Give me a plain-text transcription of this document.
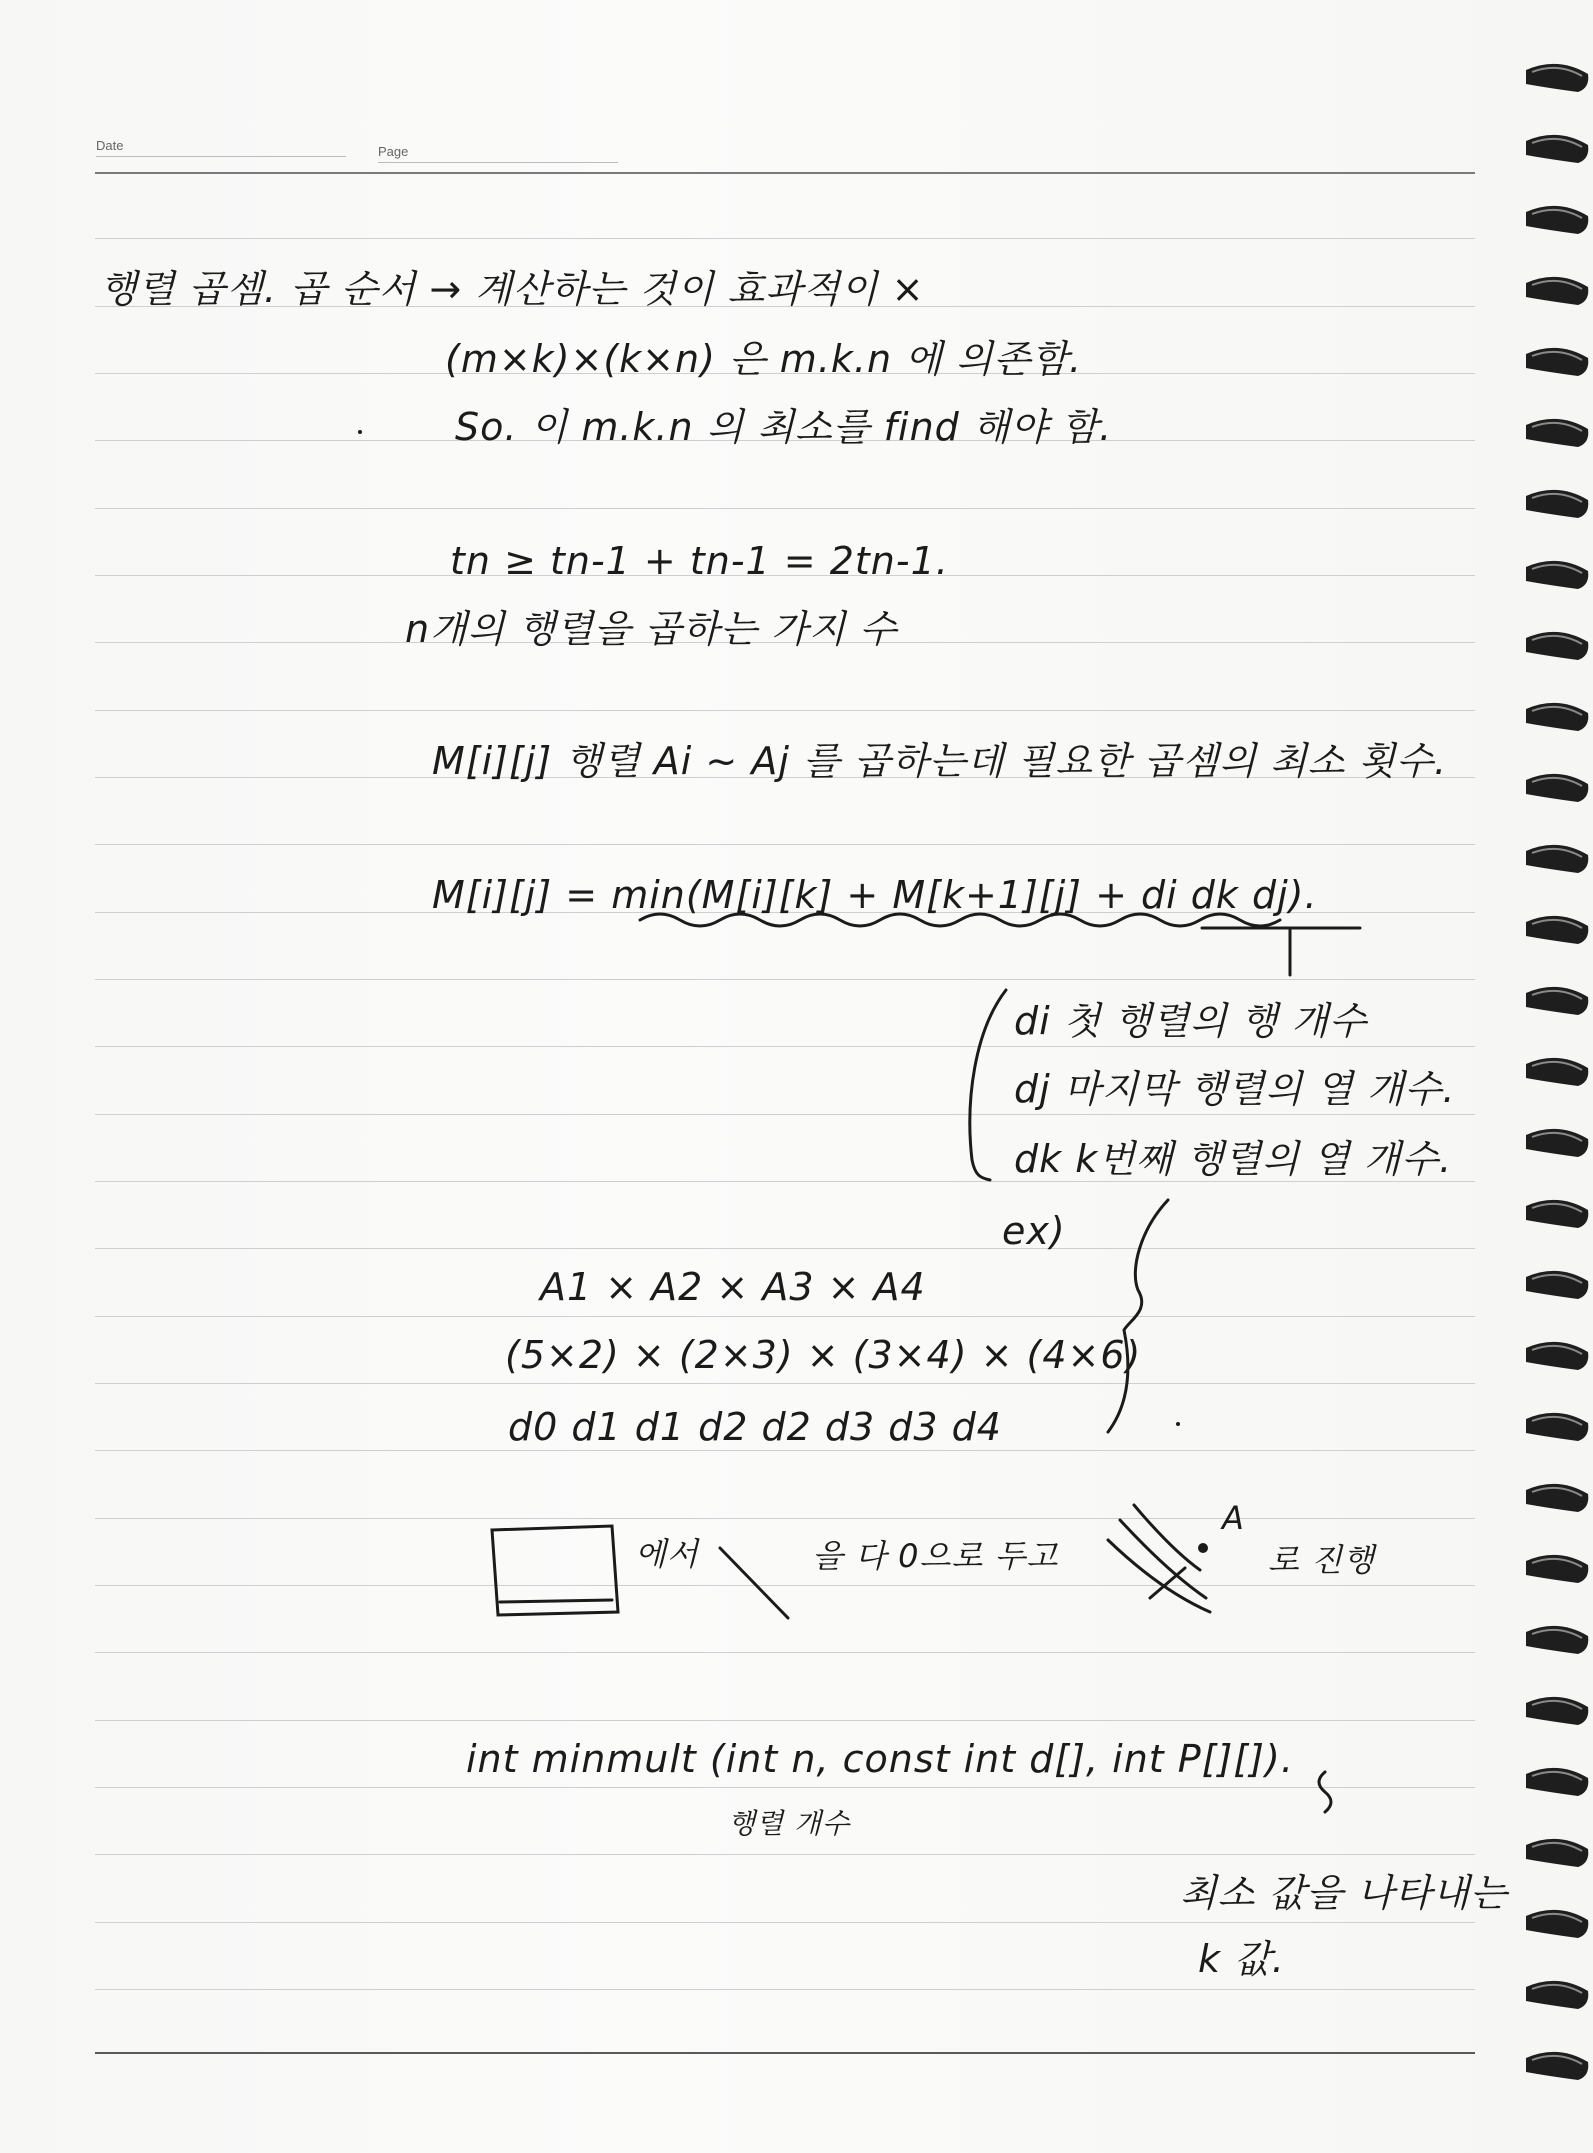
Date	Page
행렬 곱셈. 곱 순서 → 계산하는 것이 효과적이 ×
(m×k)×(k×n) 은 m.k.n 에 의존함.
So. 이 m.k.n 의 최소를 find 해야 함.
tn ≥ tn-1 + tn-1 = 2tn-1.
n개의 행렬을 곱하는 가지 수
M[i][j] 행렬 Ai ~ Aj 를 곱하는데 필요한 곱셈의 최소 횟수.
M[i][j] = min(M[i][k] + M[k+1][j] + di dk dj).
di 첫 행렬의 행 개수
dj 마지막 행렬의 열 개수.
dk k번째 행렬의 열 개수.
ex)
A1 × A2 × A3 × A4
(5×2) × (2×3) × (3×4) × (4×6)
d0 d1 d1 d2 d2 d3 d3 d4
에서	을 다 0으로 두고
A
로 진행
int minmult (int n, const int d[], int P[][]).
행렬 개수
최소 값을 나타내는
k 값.
